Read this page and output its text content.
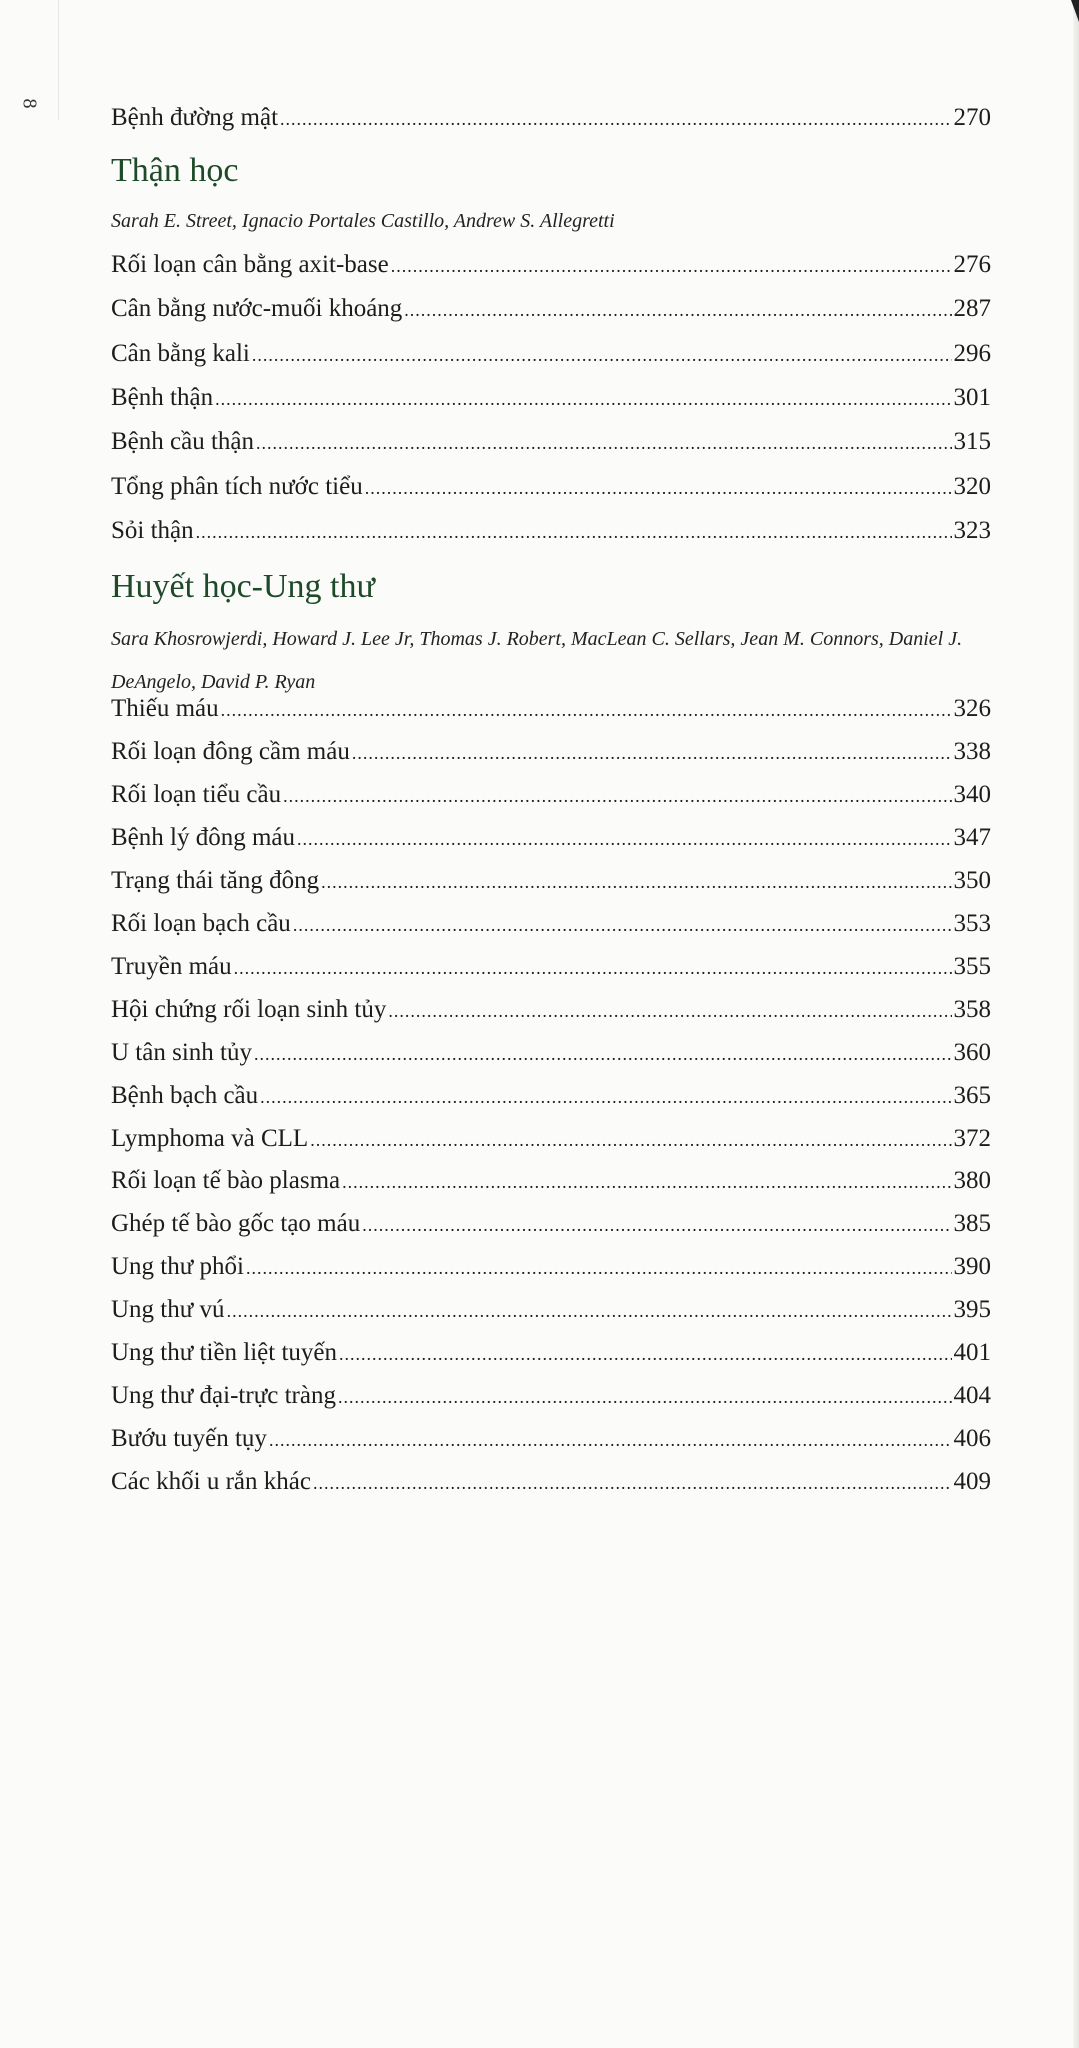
8
Thận học
Sarah E. Street, Ignacio Portales Castillo, Andrew S. Allegretti
Huyết học-Ung thư
Sara Khosrowjerdi, Howard J. Lee Jr, Thomas J. Robert, MacLean C. Sellars, Jean M. Connors, Daniel J. DeAngelo, David P. Ryan
Bệnh đường mật .....	270
Rối loạn cân bằng axit-base .....	276
Cân bằng nước-muối khoáng .....	287
Cân bằng kali .....	296
Bệnh thận .....	301
Bệnh cầu thận .....	315
Tổng phân tích nước tiểu .....	320
Sỏi thận .....	323
Thiếu máu .....	326
Rối loạn đông cầm máu .....	338
Rối loạn tiểu cầu .....	340
Bệnh lý đông máu .....	347
Trạng thái tăng đông .....	350
Rối loạn bạch cầu .....	353
Truyền máu .....	355
Hội chứng rối loạn sinh tủy .....	358
U tân sinh tủy .....	360
Bệnh bạch cầu .....	365
Lymphoma và CLL .....	372
Rối loạn tế bào plasma .....	380
Ghép tế bào gốc tạo máu .....	385
Ung thư phổi .....	390
Ung thư vú .....	395
Ung thư tiền liệt tuyến .....	401
Ung thư đại-trực tràng .....	404
Bướu tuyến tụy .....	406
Các khối u rắn khác .....	409
